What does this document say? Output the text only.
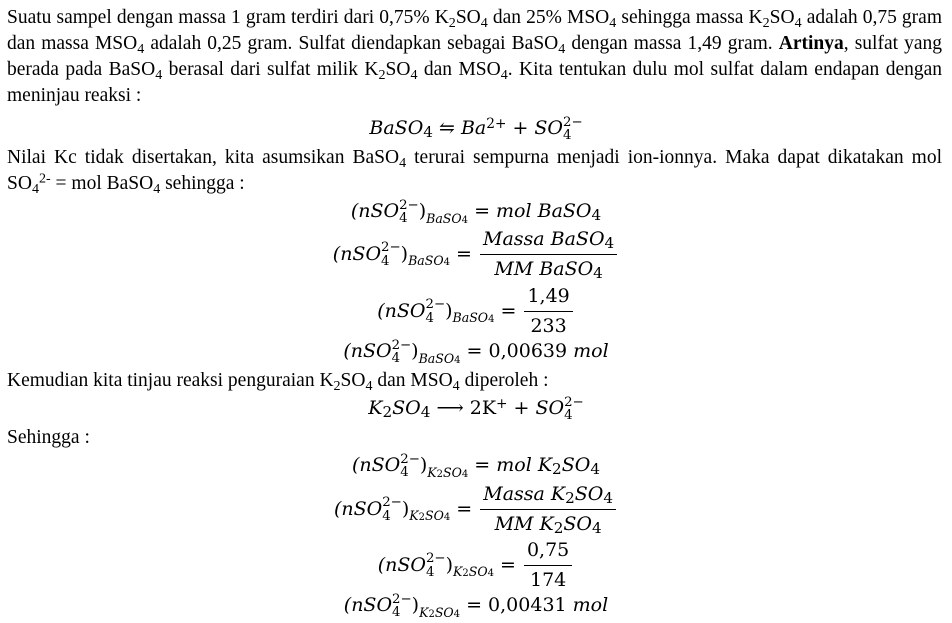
Suatu sampel dengan massa 1 gram terdiri dari 0,75% $K_2SO_4$ dan 25% $MSO_4$ sehingga massa $K_2SO_4$ adalah 0,75 gram dan massa $MSO_4$ adalah 0,25 gram. Sulfat diendapkan sebagai BaSO$_4$ dengan massa 1,49 gram. Artinya, sulfat yang berada pada BaSO$_4$ berasal dari sulfat milik $K_2SO_4$ dan $MSO_4$. Kita tentukan dulu mol sulfat dalam endapan dengan meninjau reaksi :
BaSO4 ⇋ $Ba^{2+}$ + SO 2−
4
Nilai Kc tidak disertakan, kita asumsikan BaSO$_4$ terurai sempurna menjadi ion-ionnya. Maka dapat dikatakan mol $SO_4^{2-}$ = mol BaSO$_4$ sehingga :
(nSO 2−
4 )$_{BaSO4}$ = mol BaSO4
(nSO 2−
4 )$_{BaSO4} = \frac{\text{Massa BaSO4}}{\text{MM BaSO4}}$
(nSO 2−
4 )$_{BaSO4} = \frac{1,49}{233}$
(nSO 2−
4 )$_{BaSO4} = 0,00639$ mol
Kemudian kita tinjau reaksi penguraian $K_2SO_4$ dan $MSO_4$ diperoleh :
K2SO4 ⟶ 2K+ + SO 2−
4
Sehingga :
(nSO 2−
4 )$_{K2SO4}$ = mol K2SO4
(nSO 2−
4 )$_{K2SO4} = \frac{\text{Massa K2SO4}}{\text{MM K2SO4}}$
(nSO 2−
4 )$_{K2SO4} = \frac{0,75}{174}$
(nSO 2−
4 )$_{K2SO4} = 0,00431$ mol
